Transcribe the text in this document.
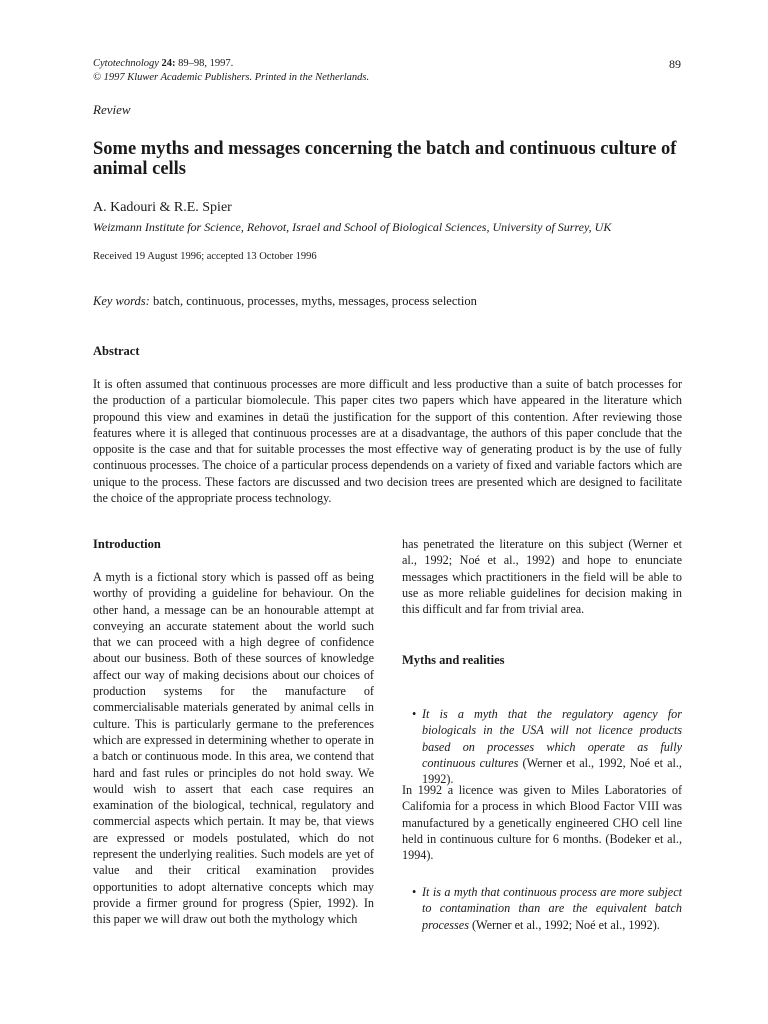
Cytotechnology 24: 89–98, 1997.
© 1997 Kluwer Academic Publishers. Printed in the Netherlands.
89
Review
Some myths and messages concerning the batch and continuous culture of animal cells
A. Kadouri & R.E. Spier
Weizmann Institute for Science, Rehovot, Israel and School of Biological Sciences, University of Surrey, UK
Received 19 August 1996; accepted 13 October 1996
Key words: batch, continuous, processes, myths, messages, process selection
Abstract
It is often assumed that continuous processes are more difficult and less productive than a suite of batch processes for the production of a particular biomolecule. This paper cites two papers which have appeared in the literature which propound this view and examines in detaü the justification for the support of this contention. After reviewing those features where it is alleged that continuous processes are at a disadvantage, the authors of this paper conclude that the opposite is the case and that for suitable processes the most effective way of generating product is by the use of fully continuous processes. The choice of a particular process dependends on a variety of fixed and variable factors which are unique to the process. These factors are discussed and two decision trees are presented which are designed to facilitate the choice of the appropriate process technology.
Introduction
A myth is a fictional story which is passed off as being worthy of providing a guideline for behaviour. On the other hand, a message can be an honourable attempt at conveying an accurate statement about the world such that we can proceed with a high degree of confidence about our business. Both of these sources of knowledge affect our way of making decisions about our choices of production systems for the manufacture of commercialisable materials generated by animal cells in culture. This is particularly germane to the preferences which are expressed in determining whether to operate in a batch or continuous mode. In this area, we contend that hard and fast rules or principles do not hold sway. We would wish to assert that each case requires an examination of the biological, technical, regulatory and commercial aspects which pertain. It may be, that views are expressed or models postulated, which do not represent the underlying realities. Such models are yet of value and their critical examination provides opportunities to adopt alternative concepts which may provide a firmer ground for progress (Spier, 1992). In this paper we will draw out both the mythology which
has penetrated the literature on this subject (Werner et al., 1992; Noé et al., 1992) and hope to enunciate messages which practitioners in the field will be able to use as more reliable guidelines for decision making in this difficult and far from trivial area.
Myths and realities
• It is a myth that the regulatory agency for biologicals in the USA will not licence products based on processes which operate as fully continuous cultures (Werner et al., 1992, Noé et al., 1992).
In 1992 a licence was given to Miles Laboratories of Califomia for a process in which Blood Factor VIII was manufactured by a genetically engineered CHO cell line held in continuous culture for 6 months. (Bodeker et al., 1994).
• It is a myth that continuous process are more subject to contamination than are the equivalent batch processes (Werner et al., 1992; Noé et al., 1992).
